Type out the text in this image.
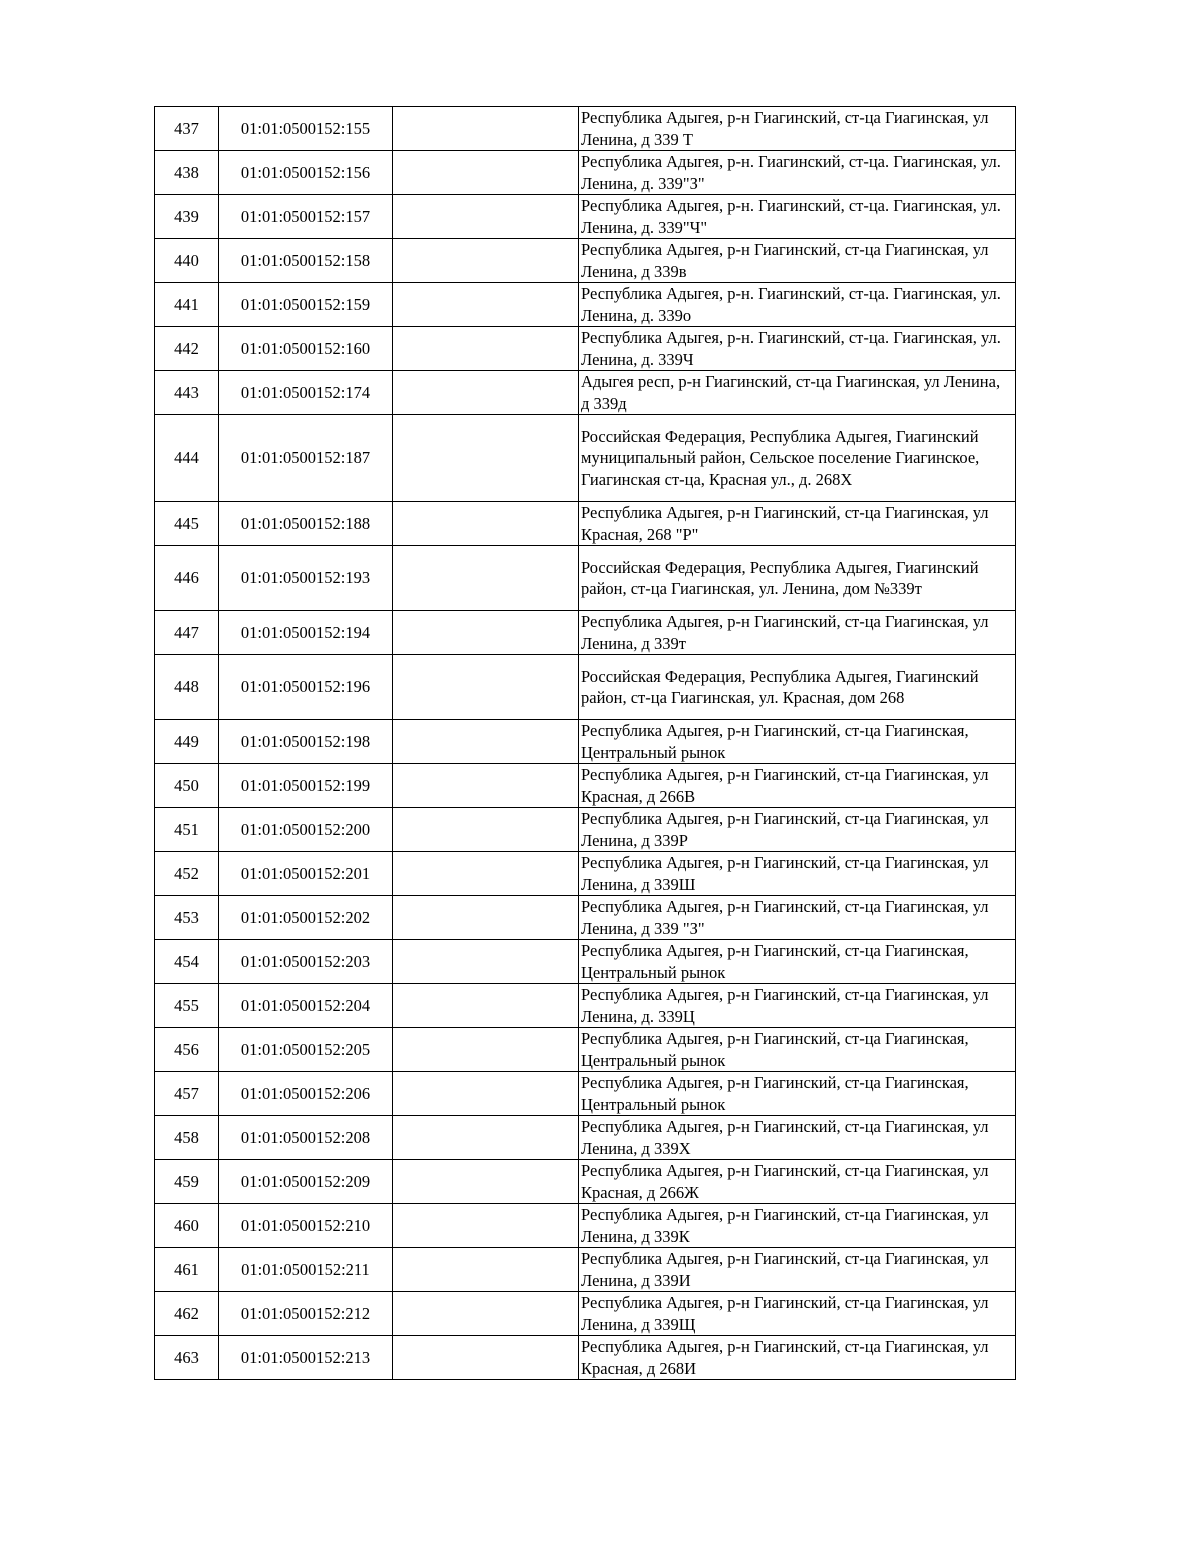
437	01:01:0500152:155		Республика Адыгея, р-н Гиагинский, ст-ца Гиагинская, ул Ленина, д 339 Т
438	01:01:0500152:156		Республика Адыгея, р-н. Гиагинский, ст-ца. Гиагинская, ул. Ленина, д. 339"З"
439	01:01:0500152:157		Республика Адыгея, р-н. Гиагинский, ст-ца. Гиагинская, ул. Ленина, д. 339"Ч"
440	01:01:0500152:158		Республика Адыгея, р-н Гиагинский, ст-ца Гиагинская, ул Ленина, д 339в
441	01:01:0500152:159		Республика Адыгея, р-н. Гиагинский, ст-ца. Гиагинская, ул. Ленина, д. 339о
442	01:01:0500152:160		Республика Адыгея, р-н. Гиагинский, ст-ца. Гиагинская, ул. Ленина, д. 339Ч
443	01:01:0500152:174		Адыгея респ, р-н Гиагинский, ст-ца Гиагинская, ул Ленина, д 339д
444	01:01:0500152:187		Российская Федерация, Республика Адыгея, Гиагинский муниципальный район, Сельское поселение Гиагинское, Гиагинская ст-ца, Красная ул., д. 268Х
445	01:01:0500152:188		Республика Адыгея, р-н Гиагинский, ст-ца Гиагинская, ул Красная, 268 "Р"
446	01:01:0500152:193		Российская Федерация, Республика Адыгея, Гиагинский район, ст-ца Гиагинская, ул. Ленина, дом №339т
447	01:01:0500152:194		Республика Адыгея, р-н Гиагинский, ст-ца Гиагинская, ул Ленина, д 339т
448	01:01:0500152:196		Российская Федерация, Республика Адыгея, Гиагинский район, ст-ца Гиагинская, ул. Красная, дом 268
449	01:01:0500152:198		Республика Адыгея, р-н Гиагинский, ст-ца Гиагинская, Центральный рынок
450	01:01:0500152:199		Республика Адыгея, р-н Гиагинский, ст-ца Гиагинская, ул Красная, д 266В
451	01:01:0500152:200		Республика Адыгея, р-н Гиагинский, ст-ца Гиагинская, ул Ленина, д 339Р
452	01:01:0500152:201		Республика Адыгея, р-н Гиагинский, ст-ца Гиагинская, ул Ленина, д 339Ш
453	01:01:0500152:202		Республика Адыгея, р-н Гиагинский, ст-ца Гиагинская, ул Ленина, д 339 "З"
454	01:01:0500152:203		Республика Адыгея, р-н Гиагинский, ст-ца Гиагинская, Центральный рынок
455	01:01:0500152:204		Республика Адыгея, р-н Гиагинский, ст-ца Гиагинская, ул Ленина, д. 339Ц
456	01:01:0500152:205		Республика Адыгея, р-н Гиагинский, ст-ца Гиагинская, Центральный рынок
457	01:01:0500152:206		Республика Адыгея, р-н Гиагинский, ст-ца Гиагинская, Центральный рынок
458	01:01:0500152:208		Республика Адыгея, р-н Гиагинский, ст-ца Гиагинская, ул Ленина, д 339Х
459	01:01:0500152:209		Республика Адыгея, р-н Гиагинский, ст-ца Гиагинская, ул Красная, д 266Ж
460	01:01:0500152:210		Республика Адыгея, р-н Гиагинский, ст-ца Гиагинская, ул Ленина, д 339К
461	01:01:0500152:211		Республика Адыгея, р-н Гиагинский, ст-ца Гиагинская, ул Ленина, д 339И
462	01:01:0500152:212		Республика Адыгея, р-н Гиагинский, ст-ца Гиагинская, ул Ленина, д 339Щ
463	01:01:0500152:213		Республика Адыгея, р-н Гиагинский, ст-ца Гиагинская, ул Красная, д 268И
